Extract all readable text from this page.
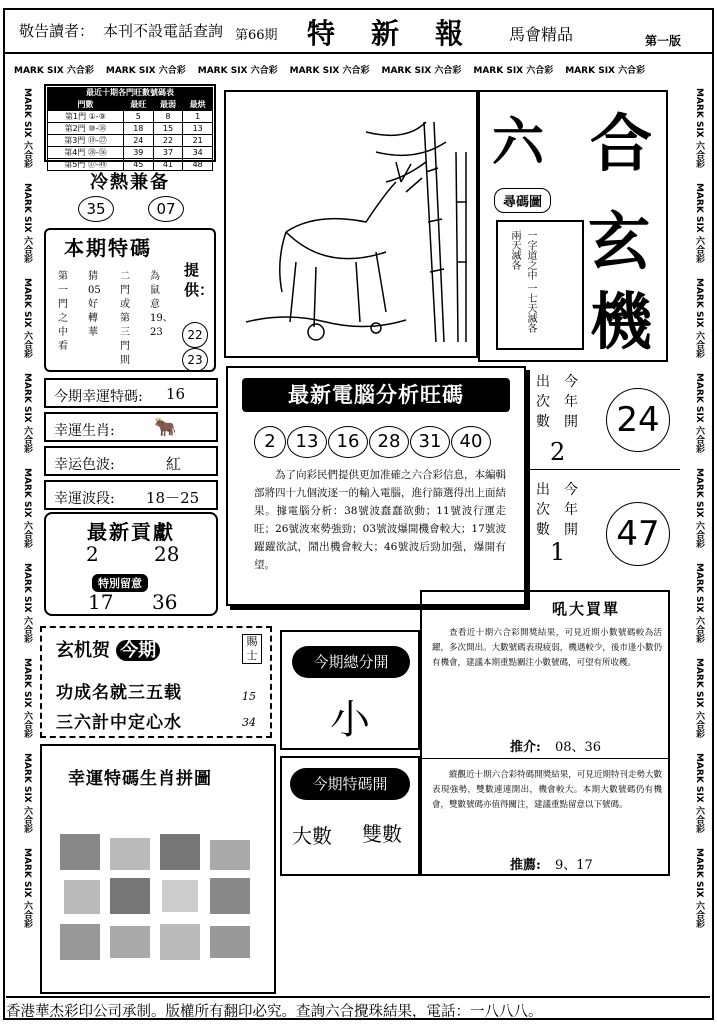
敬告讀者： 本刊不設電話查詢 第66期 特　新　報	馬會精品	第一版
MARK SIX 六合彩 MARK SIX 六合彩 MARK SIX 六合彩 MARK SIX 六合彩 MARK SIX 六合彩 MARK SIX 六合彩 MARK SIX 六合彩
MARK SIX 六合彩 MARK SIX 六合彩 MARK SIX 六合彩 MARK SIX 六合彩 MARK SIX 六合彩 MARK SIX 六合彩 MARK SIX 六合彩 MARK SIX 六合彩 MARK SIX 六合彩
MARK SIX 六合彩 MARK SIX 六合彩 MARK SIX 六合彩 MARK SIX 六合彩 MARK SIX 六合彩 MARK SIX 六合彩 MARK SIX 六合彩 MARK SIX 六合彩 MARK SIX 六合彩
最近十期各門旺數號碼表
門數	最旺	最弱	最烘
第1門 ①-⑨	5	8	1
第2門 ⑩-⑱	18	15	13
第3門 ⑲-㉗	24	22	21
第4門 ㉘-㊱	39	37	34
第5門 ㊲-㊾	45	41	48
冷熱兼备
35	07
本期特碼
第一門之中看
猜05好轉華
二門或第三門則
為鼠意19、23
提供：
22
23
今期幸運特碼: 16
幸運生肖: 🐂
幸运色波:	紅
幸運波段: 18－25
最新貢獻
2	28
特別留意
17 36
玄机贺 今期
功成名就三五载
三六計中定心水
賜士
15
34
幸運特碼生肖拼圖
六 合
尋碼圖
一字道之中 一七天滅各 兩天滅各	玄
機
最新電腦分析旺碼
2	13	16	28	31	40
為了向彩民們提供更加准確之六合彩信息，本編輯部將四十九個波逐一的輸入電腦，進行篩選得出上面結果。據電腦分析：38號波蠢蠢欲動；11號波行運走旺；26號波來勢強勁；03號波爆開機會較大；17號波躍躍欲試，鬧出機會較大；46號波后勁加强，爆開有望。
出次數
今年開
2
24
出次數
今年開
1	47
今期總分開
小
今期特碼開
大數 雙數
吼大買單
查看近十期六合彩開獎結果，可見近期小數號碼較為活躍，多次開出。大數號碼表現疲弱，機遇較少，後市逢小數仍有機會，建議本期重點關注小數號碼，可望有所收穫。
推介: 08、36
縱觀近十期六合彩特碼開獎結果，可見近期特刊走勢大數表現強勢，雙數連連開出，機會較大。本期大數號碼仍有機會，雙數號碼亦值得關注，建議重點留意以下號碼。
推薦: 9、17
香港華杰彩印公司承制。版權所有翻印必究。查詢六合攪珠結果，電話：一八八八。
